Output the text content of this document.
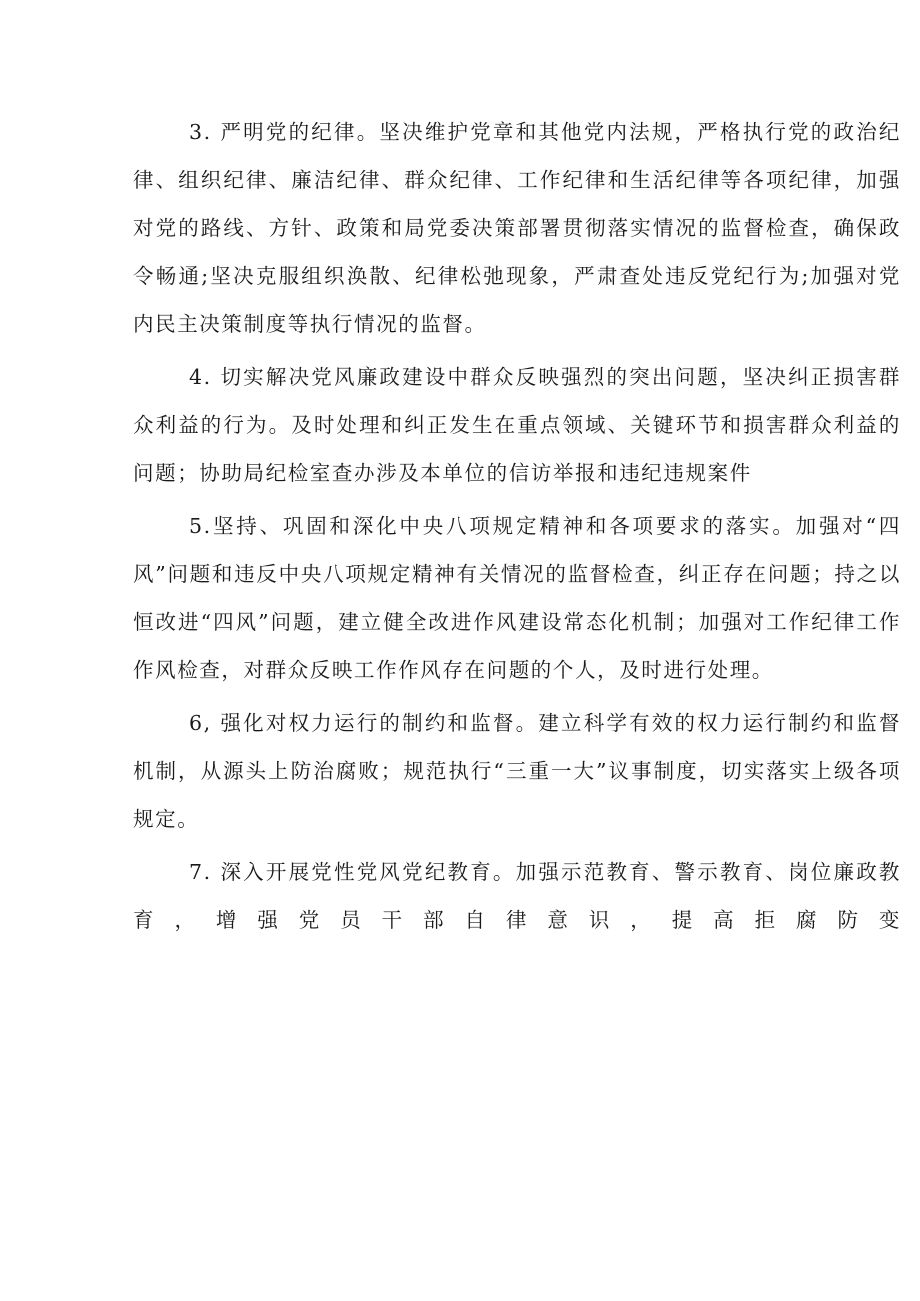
3. 严明党的纪律。坚决维护党章和其他党内法规，严格执行党的政治纪律、组织纪律、廉洁纪律、群众纪律、工作纪律和生活纪律等各项纪律，加强对党的路线、方针、政策和局党委决策部署贯彻落实情况的监督检查，确保政令畅通;坚决克服组织涣散、纪律松弛现象，严肃查处违反党纪行为;加强对党内民主决策制度等执行情况的监督。

4. 切实解决党风廉政建设中群众反映强烈的突出问题，坚决纠正损害群众利益的行为。及时处理和纠正发生在重点领域、关键环节和损害群众利益的问题；协助局纪检室查办涉及本单位的信访举报和违纪违规案件

5.坚持、巩固和深化中央八项规定精神和各项要求的落实。加强对“四风”问题和违反中央八项规定精神有关情况的监督检查，纠正存在问题；持之以恒改进“四风”问题，建立健全改进作风建设常态化机制；加强对工作纪律工作作风检查，对群众反映工作作风存在问题的个人，及时进行处理。

6, 强化对权力运行的制约和监督。建立科学有效的权力运行制约和监督机制，从源头上防治腐败；规范执行“三重一大”议事制度，切实落实上级各项规定。

7. 深入开展党性党风党纪教育。加强示范教育、警示教育、岗位廉政教育，增强党员干部自律意识，提高拒腐防变
